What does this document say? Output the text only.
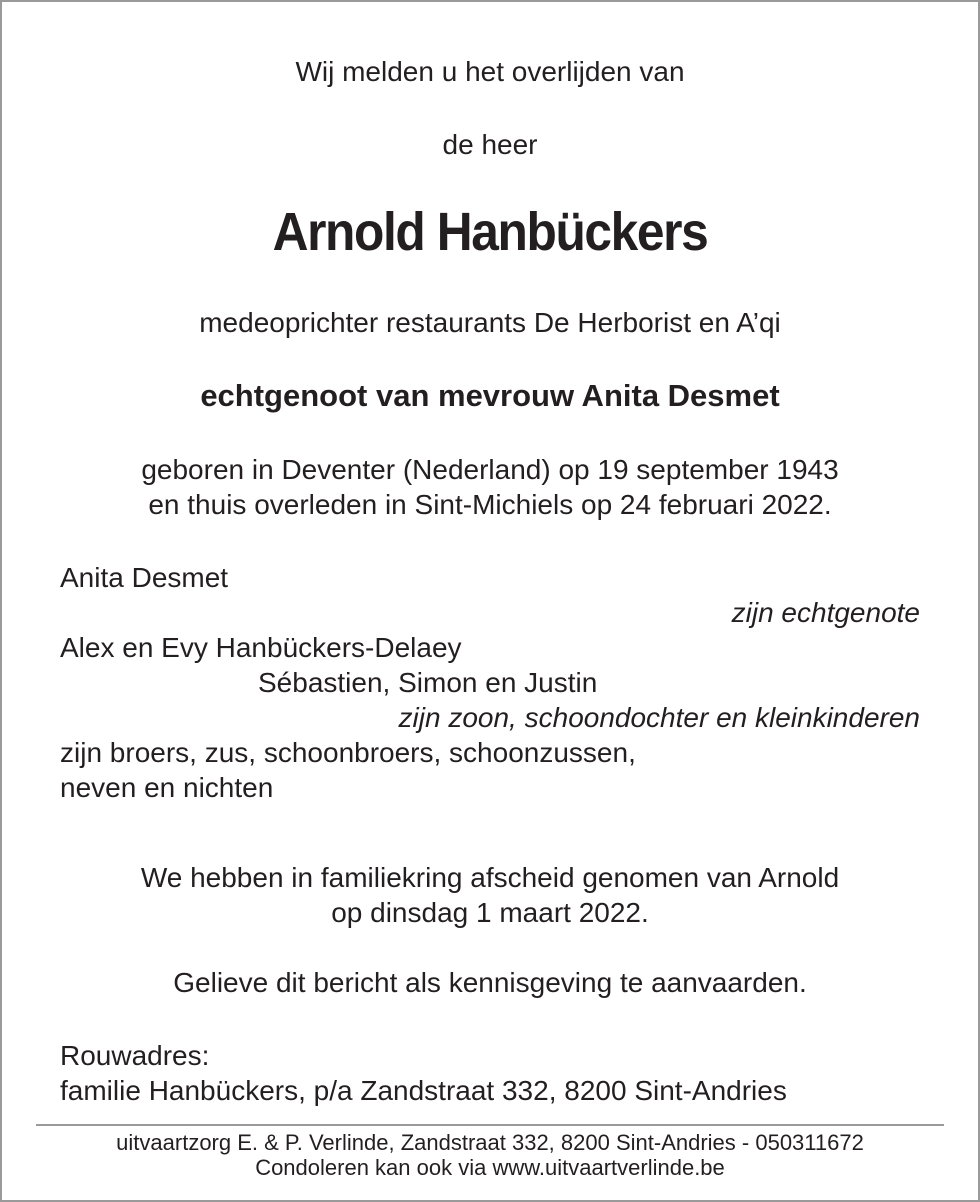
Wij melden u het overlijden van
de heer
Arnold Hanbückers
medeoprichter restaurants De Herborist en A’qi
echtgenoot van mevrouw Anita Desmet
geboren in Deventer (Nederland) op 19 september 1943
en thuis overleden in Sint-Michiels op 24 februari 2022.
Anita Desmet
zijn echtgenote
Alex en Evy Hanbückers-Delaey
Sébastien, Simon en Justin
zijn zoon, schoondochter en kleinkinderen
zijn broers, zus, schoonbroers, schoonzussen,
neven en nichten
We hebben in familiekring afscheid genomen van Arnold
op dinsdag 1 maart 2022.
Gelieve dit bericht als kennisgeving te aanvaarden.
Rouwadres:
familie Hanbückers, p/a Zandstraat 332, 8200 Sint-Andries
uitvaartzorg E. & P. Verlinde, Zandstraat 332, 8200 Sint-Andries - 050311672
Condoleren kan ook via www.uitvaartverlinde.be
